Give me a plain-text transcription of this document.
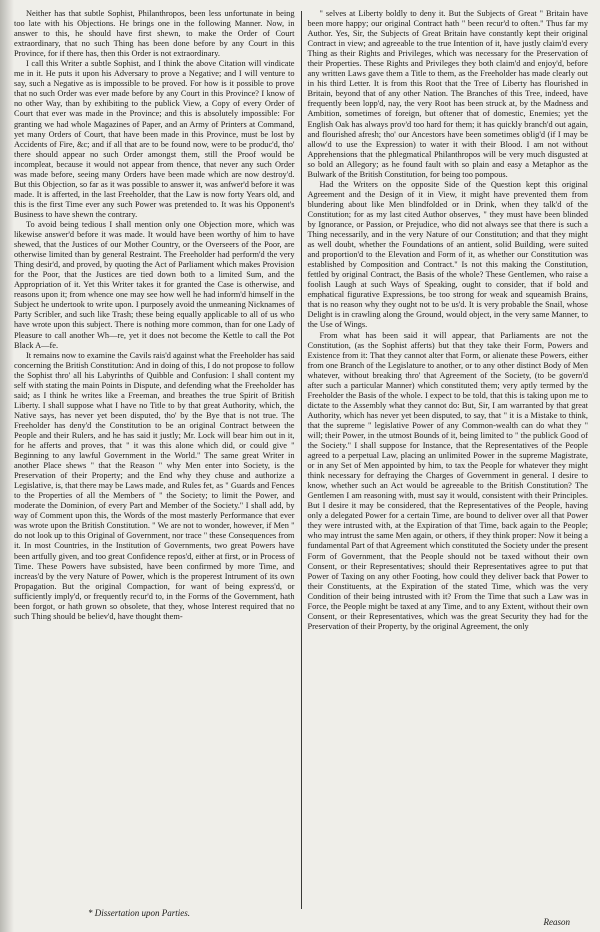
Neither has that subtle Sophist, Philanthropos, been less unfortunate in being too late with his Objections. He brings one in the following Manner. Now, in answer to this, he should have first shewn, to make the Order of Court extraordinary, that no such Thing has been done before by any Court in this Province, for if there has, then this Order is not extraordinary.

I call this Writer a subtle Sophist, and I think the above Citation will vindicate me in it. He puts it upon his Adversary to prove a Negative; and I will venture to say, such a Negative as is impossible to be proved. For how is it possible to prove that no such Order was ever made before by any Court in this Province? I know of no other Way, than by exhibiting to the publick View, a Copy of every Order of Court that ever was made in the Province; and this is absolutely impossible: For granting we had whole Magazines of Paper, and an Army of Printers at Command, yet many Orders of Court, that have been made in this Province, must be lost by Accidents of Fire, &c; and if all that are to be found now, were to be produc'd, tho' there should appear no such Order amongst them, still the Proof would be incompleat, because it would not appear from thence, that never any such Order was made before, seeing many Orders have been made which are now destroy'd. But this Objection, so far as it was possible to answer it, was anfwer'd before it was made. It is afferted, in the last Freeholder, that the Law is now forty Years old, and this is the first Time ever any such Power was pretended to. It was his Opponent's Business to have shewn the contrary.

To avoid being tedious I shall mention only one Objection more, which was likewise answer'd before it was made. It would have been worthy of him to have shewed, that the Justices of our Mother Country, or the Overseers of the Poor, are otherwise limited than by general Restraint. The Freeholder had perform'd the very Thing desir'd, and proved, by quoting the Act of Parliament which makes Provision for the Poor, that the Justices are tied down both to a limited Sum, and the Appropriation of it. Yet this Writer takes it for granted the Case is otherwise, and reasons upon it; from whence one may see how well he had inform'd himself in the Subject he undertook to write upon. I purposely avoid the unmeaning Nicknames of Party Scribler, and such like Trash; these being equally applicable to all of us who have wrote upon this subject. There is nothing more common, than for one Lady of Pleasure to call another Wh—re, yet it does not become the Kettle to call the Pot Black A—fe.

It remains now to examine the Cavils rais'd against what the Freeholder has said concerning the British Constitution: And in doing of this, I do not propose to follow the Sophist thro' all his Labyrinths of Quibble and Confusion: I shall content my self with stating the main Points in Dispute, and defending what the Freeholder has said; as I think he writes like a Freeman, and breathes the true Spirit of British Liberty. I shall suppose what I have no Title to by that great Authority, which, the Native says, has never yet been disputed, tho' by the Bye that is not true. The Freeholder has deny'd the Constitution to be an original Contract between the People and their Rulers, and he has said it justly; Mr. Lock will bear him out in it, for he afferts and proves, that " it was this alone which did, or could give " Beginning to any lawful Government in the World." The same great Writer in another Place shews " that the Reason " why Men enter into Society, is the Preservation of their Property; and the End why they chuse and authorize a Legislative, is, that there may be Laws made, and Rules fet, as " Guards and Fences to the Properties of all the Members of " the Society; to limit the Power, and moderate the Dominion, of every Part and Member of the Society." I shall add, by way of Comment upon this, the Words of the most masterly Performance that ever was wrote upon the British Constitution. " We are not to wonder, however, if Men " do not look up to this Original of Government, nor trace " these Consequences from it. In most Countries, in the Institution of Governments, two great Powers have been artfully given, and too great Confidence repos'd, either at first, or in Process of Time. These Powers have subsisted, have been confirmed by more Time, and increas'd by the very Nature of Power, which is the properest Intrument of its own Propagation. But the original Compaction, for want of being express'd, or sufficiently imply'd, or frequently recur'd to, in the Forms of the Government, hath been forgot, or hath grown so obsolete, that they, whose Interest required that no such Thing should be believ'd, have thought them-

" selves at Liberty boldly to deny it. But the Subjects of Great " Britain have been more happy; our original Contract hath " been recur'd to often." Thus far my Author. Yes, Sir, the Subjects of Great Britain have constantly kept their original Contract in view; and agreeable to the true Intention of it, have justly claim'd every Thing as their Rights and Privileges, which was necessary for the Preservation of their Properties. These Rights and Privileges they both claim'd and enjoy'd, before any written Laws gave them a Title to them, as the Freeholder has made clearly out in his third Letter. It is from this Root that the Tree of Liberty has flourished in Britain, beyond that of any other Nation. The Branches of this Tree, indeed, have frequently been lopp'd, nay, the very Root has been struck at, by the Madness and Ambition, sometimes of foreign, but oftener that of domestic, Enemies; yet the English Oak has always prov'd too hard for them; it has quickly branch'd out again, and flourished afresh; tho' our Ancestors have been sometimes oblig'd (if I may be allow'd to use the Expression) to water it with their Blood. I am not without Apprehensions that the phlegmatical Philanthropos will be very much disgusted at so bold an Allegory; as he found fault with so plain and easy a Metaphor as the Bulwark of the British Constitution, for being too pompous.

Had the Writers on the opposite Side of the Question kept this original Agreement and the Design of it in View, it might have prevented them from blundering about like Men blindfolded or in Drink, when they talk'd of the Constitution; for as my last cited Author observes, " they must have been blinded by Ignorance, or Passion, or Prejudice, who did not always see that there is such a Thing necessarily, and in the very Nature of our Constitution; and that they might as well doubt, whether the Foundations of an antient, solid Building, were suited and proportion'd to the Elevation and Form of it, as whether our Constitution was established by Composition and Contract." Is not this making the Constitution, fettled by original Contract, the Basis of the whole? These Gentlemen, who raise a foolish Laugh at such Ways of Speaking, ought to consider, that if bold and emphatical figurative Expressions, be too strong for weak and squeamish Brains, that is no reason why they ought not to be us'd. It is very probable the Snail, whose Delight is in crawling along the Ground, would object, in the very same Manner, to the Use of Wings.

From what has been said it will appear, that Parliaments are not the Constitution, (as the Sophist afferts) but that they take their Form, Powers and Existence from it: That they cannot alter that Form, or alienate these Powers, either from one Branch of the Legislature to another, or to any other distinct Body of Men whatever, without breaking thro' that Agreement of the Society, (to be govern'd after such a particular Manner) which constituted them; very aptly termed by the Freeholder the Basis of the whole. I expect to be told, that this is taking upon me to dictate to the Assembly what they cannot do: But, Sir, I am warranted by that great Authority, which has never yet been disputed, to say, that " it is a Mistake to think, that the supreme " legislative Power of any Common-wealth can do what they " will; their Power, in the utmost Bounds of it, being limited to " the publick Good of the Society." I shall suppose for Instance, that the Representatives of the People agreed to a perpetual Law, placing an unlimited Power in the supreme Magistrate, or in any Set of Men appointed by him, to tax the People for whatever they might think necessary for defraying the Charges of Government in general. I desire to know, whether such an Act would be agreeable to the British Constitution? The Gentlemen I am reasoning with, must say it would, consistent with their Principles. But I desire it may be considered, that the Representatives of the People, having only a delegated Power for a certain Time, are bound to deliver over all that Power they were intrusted with, at the Expiration of that Time, back again to the People; who may intrust the same Men again, or others, if they think proper: Now it being a fundamental Part of that Agreement which constituted the Society under the present Form of Government, that the People should not be taxed without their own Consent, or their Representatives; should their Representatives agree to put that Power of Taxing on any other Footing, how could they deliver back that Power to their Constituents, at the Expiration of the stated Time, which was the very Condition of their being intrusted with it? From the Time that such a Law was in Force, the People might be taxed at any Time, and to any Extent, without their own Consent, or their Representatives, which was the great Security they had for the Preservation of their Property, by the original Agreement, the only

* Dissertation upon Parties.
Reason
